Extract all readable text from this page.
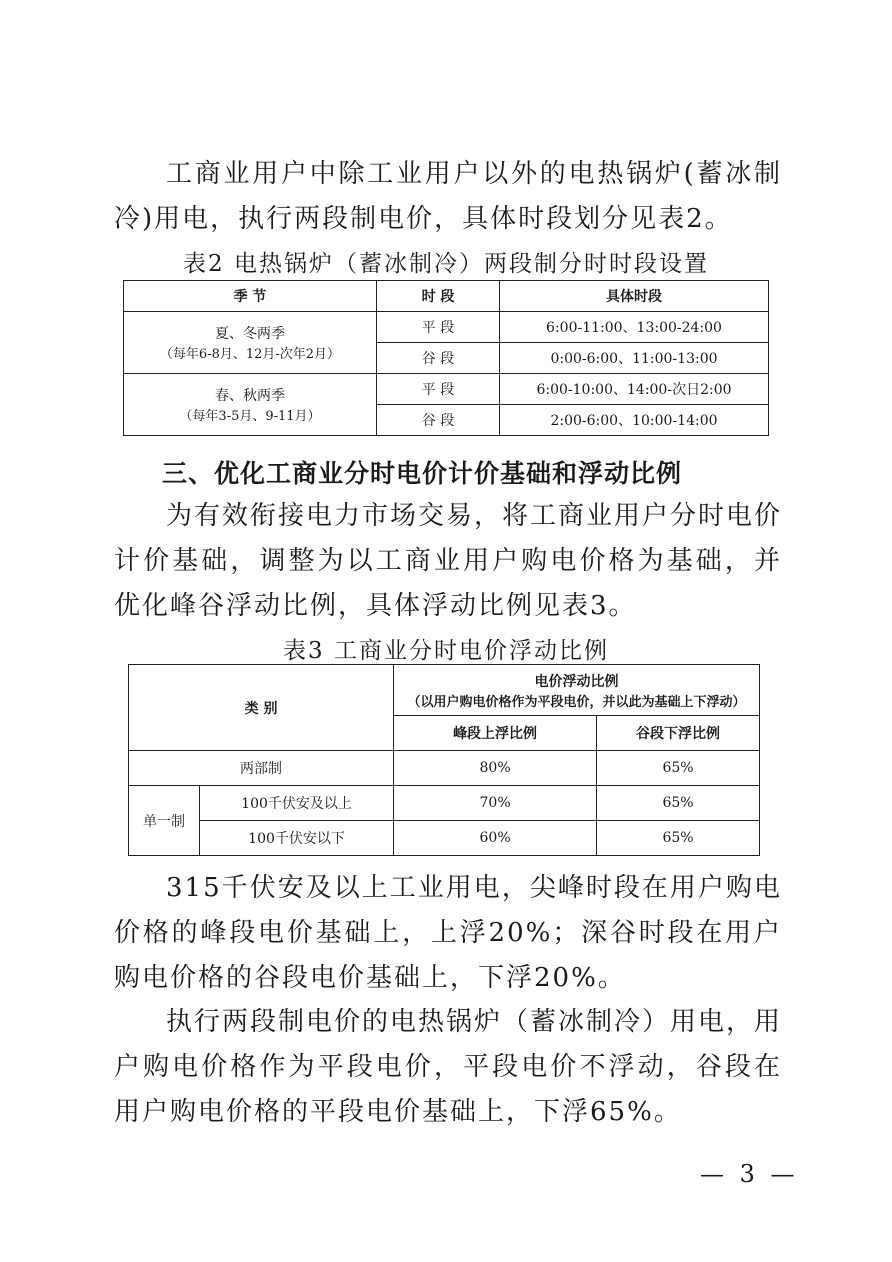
工商业用户中除工业用户以外的电热锅炉(蓄冰制冷)用电，执行两段制电价，具体时段划分见表2。

表2 电热锅炉（蓄冰制冷）两段制分时时段设置
季 节	时 段	具体时段
夏、冬两季
（每年6-8月、12月-次年2月）	平 段	6:00-11:00、13:00-24:00
	谷 段	0:00-6:00、11:00-13:00
春、秋两季
（每年3-5月、9-11月）	平 段	6:00-10:00、14:00-次日2:00
	谷 段	2:00-6:00、10:00-14:00
三、优化工商业分时电价计价基础和浮动比例

为有效衔接电力市场交易，将工商业用户分时电价计价基础，调整为以工商业用户购电价格为基础，并优化峰谷浮动比例，具体浮动比例见表3。

表3 工商业分时电价浮动比例
类 别		电价浮动比例
（以用户购电价格作为平段电价，并以此为基础上下浮动）	

		峰段上浮比例	谷段下浮比例
两部制		80%	65%
单一制	100千伏安及以上	70%	65%
	100千伏安以下	60%	65%

315千伏安及以上工业用电，尖峰时段在用户购电价格的峰段电价基础上，上浮20%；深谷时段在用户购电价格的谷段电价基础上，下浮20%。

执行两段制电价的电热锅炉（蓄冰制冷）用电，用户购电价格作为平段电价，平段电价不浮动，谷段在用户购电价格的平段电价基础上，下浮65%。

— 3 —
